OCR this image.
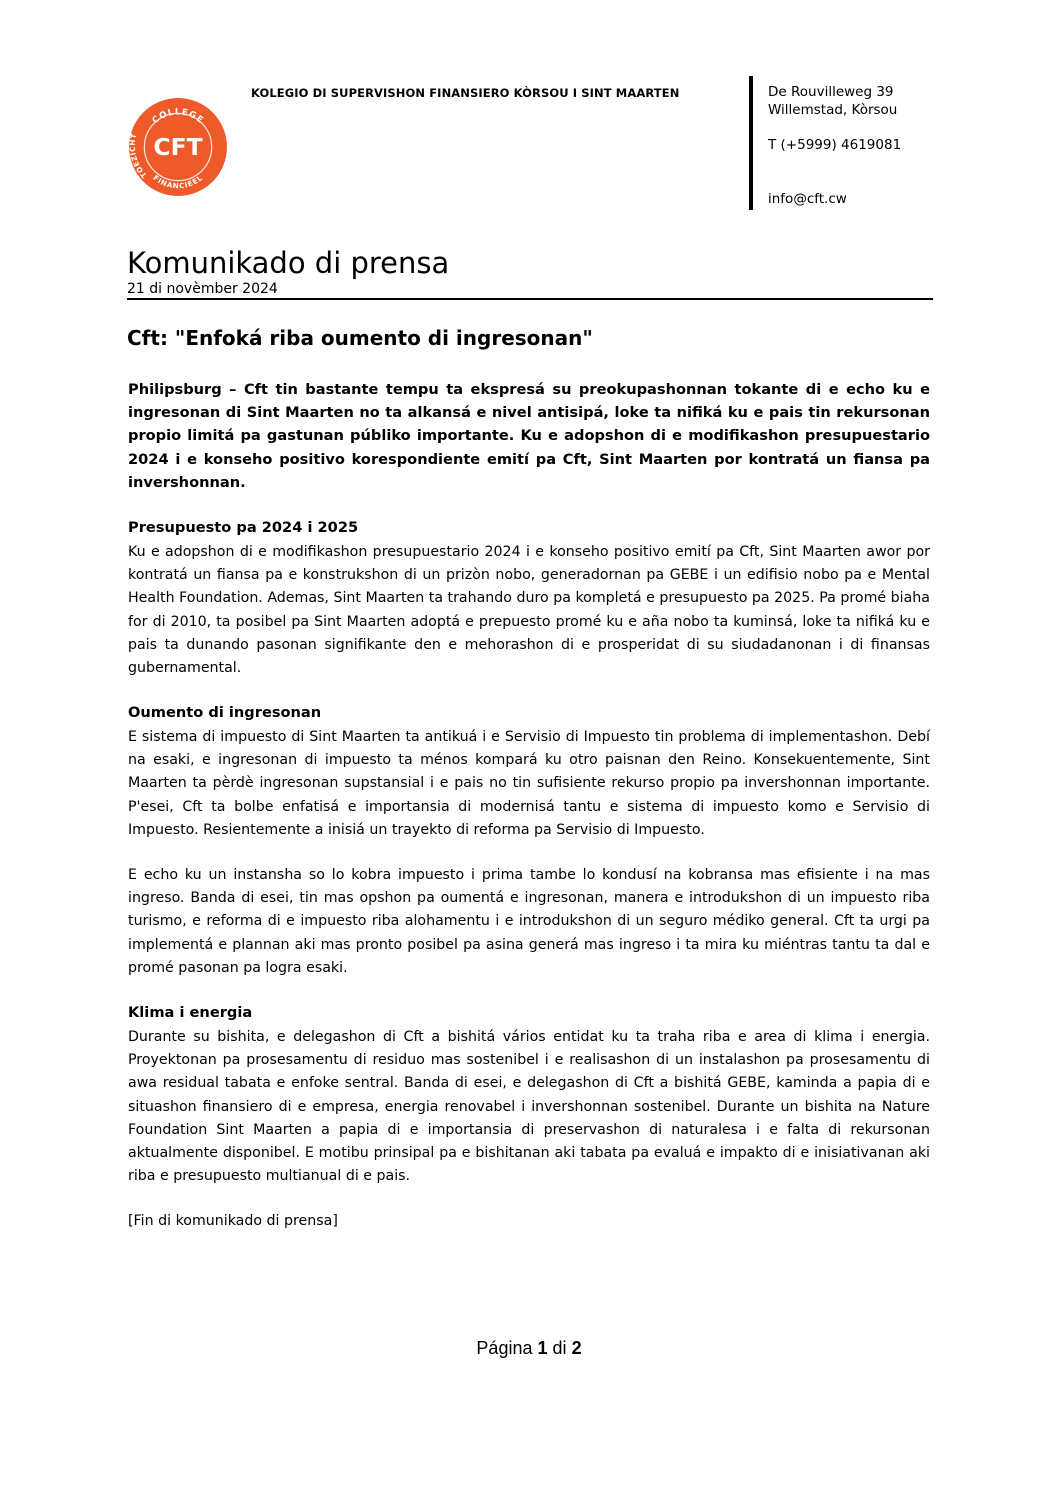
COLLEGE
TOEZICHT
FINANCIEEL
CFT
KOLEGIO DI SUPERVISHON FINANSIERO KÒRSOU I SINT MAARTEN	De Rouvilleweg 39
Willemstad, Kòrsou
T (+5999) 4619081
info@cft.cw
Komunikado di prensa
21 di novèmber 2024
Cft: "Enfoká riba oumento di ingresonan"

Philipsburg – Cft tin bastante tempu ta ekspresá su preokupashonnan tokante di e echo ku e ingresonan di Sint Maarten no ta alkansá e nivel antisipá, loke ta nifiká ku e pais tin rekursonan propio limitá pa gastunan públiko importante. Ku e adopshon di e modifikashon presupuestario 2024 i e konseho positivo korespondiente emití pa Cft, Sint Maarten por kontratá un fiansa pa invershonnan.

Presupuesto pa 2024 i 2025

Ku e adopshon di e modifikashon presupuestario 2024 i e konseho positivo emití pa Cft, Sint Maarten awor por kontratá un fiansa pa e konstrukshon di un prizòn nobo, generadornan pa GEBE i un edifisio nobo pa e Mental Health Foundation. Ademas, Sint Maarten ta trahando duro pa kompletá e presupuesto pa 2025. Pa promé biaha for di 2010, ta posibel pa Sint Maarten adoptá e prepuesto promé ku e aña nobo ta kuminsá, loke ta nifiká ku e pais ta dunando pasonan signifikante den e mehorashon di e prosperidat di su siudadanonan i di finansas gubernamental.

Oumento di ingresonan

E sistema di impuesto di Sint Maarten ta antikuá i e Servisio di Impuesto tin problema di implementashon. Debí na esaki, e ingresonan di impuesto ta ménos kompará ku otro paisnan den Reino. Konsekuentemente, Sint Maarten ta pèrdè ingresonan supstansial i e pais no tin sufisiente rekurso propio pa invershonnan importante. P'esei, Cft ta bolbe enfatisá e importansia di modernisá tantu e sistema di impuesto komo e Servisio di Impuesto. Resientemente a inisiá un trayekto di reforma pa Servisio di Impuesto.

E echo ku un instansha so lo kobra impuesto i prima tambe lo kondusí na kobransa mas efisiente i na mas ingreso. Banda di esei, tin mas opshon pa oumentá e ingresonan, manera e introdukshon di un impuesto riba turismo, e reforma di e impuesto riba alohamentu i e introdukshon di un seguro médiko general. Cft ta urgi pa implementá e plannan aki mas pronto posibel pa asina generá mas ingreso i ta mira ku miéntras tantu ta dal e promé pasonan pa logra esaki.

Klima i energia

Durante su bishita, e delegashon di Cft a bishitá vários entidat ku ta traha riba e area di klima i energia. Proyektonan pa prosesamentu di residuo mas sostenibel i e realisashon di un instalashon pa prosesamentu di awa residual tabata e enfoke sentral. Banda di esei, e delegashon di Cft a bishitá GEBE, kaminda a papia di e situashon finansiero di e empresa, energia renovabel i invershonnan sostenibel. Durante un bishita na Nature Foundation Sint Maarten a papia di e importansia di preservashon di naturalesa i e falta di rekursonan aktualmente disponibel. E motibu prinsipal pa e bishitanan aki tabata pa evaluá e impakto di e inisiativanan aki riba e presupuesto multianual di e pais.

[Fin di komunikado di prensa]
Página 1 di 2
